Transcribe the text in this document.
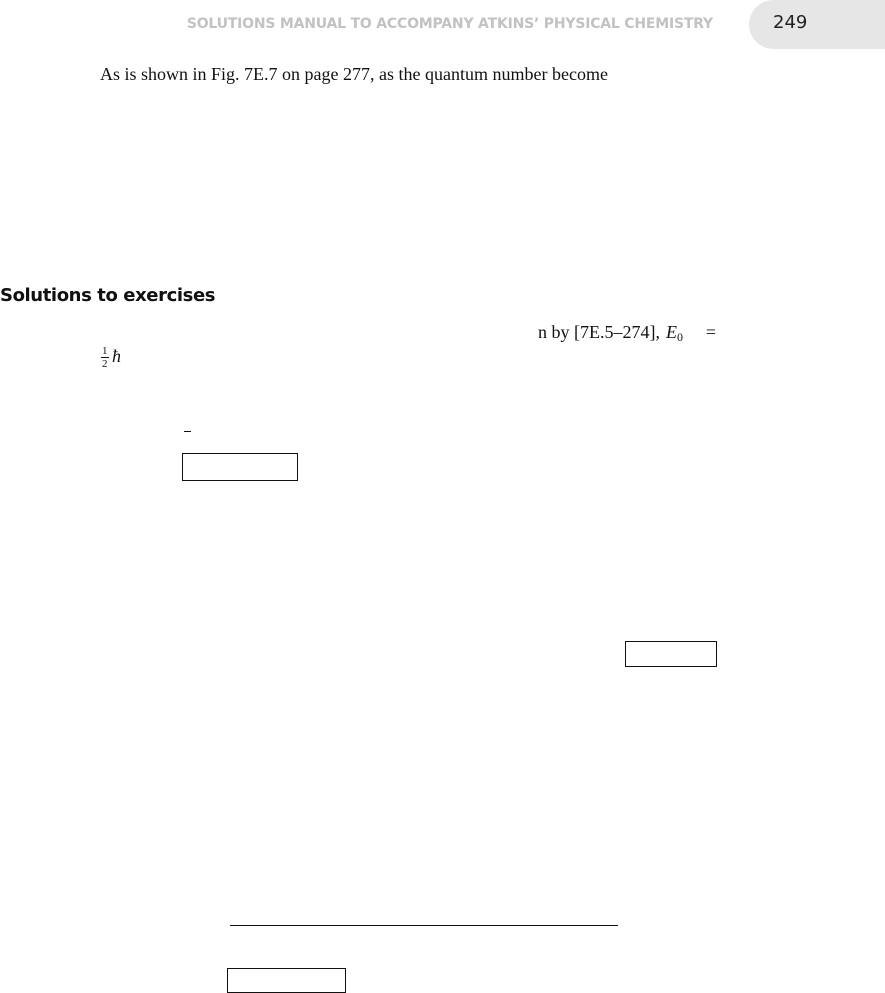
SOLUTIONS MANUAL TO ACCOMPANY ATKINS’ PHYSICAL CHEMISTRY	249
As is shown in Fig. 7E.7 on page 277, as the quantum number become
Solutions to exercises
n by [7E.5–274], $E_0$ =
$\frac{1}{2}$ ħ
